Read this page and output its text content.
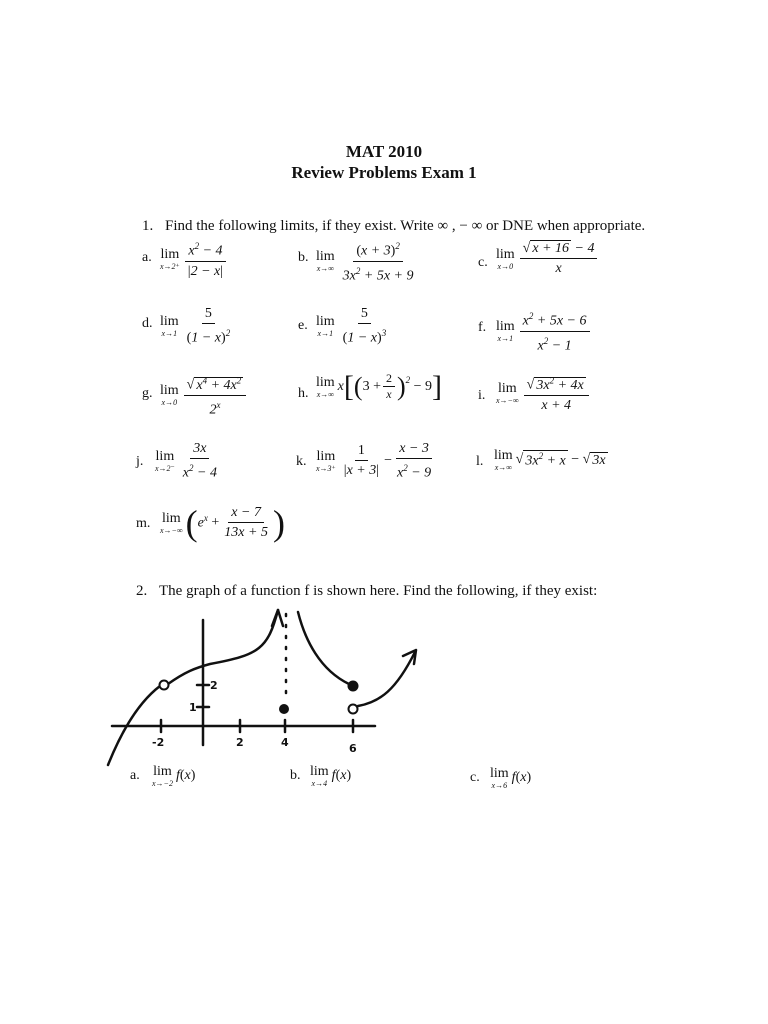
MAT 2010
Review Problems Exam 1
1. Find the following limits, if they exist. Write ∞ , − ∞ or DNE when appropriate.
a. lim
$x\to 2^+ \frac{x^2 - 4}{|2 - x|}$	b. lim
$x\to\infty \frac{(x + 3)^2}{3x^2 + 5x + 9}$	c.
lim
$x\to 0 \frac{√ x + 16 - 4}{x}$
d. lim
$x\to 1 \frac{5}{(1 - x)^2}$	e. lim
$x\to 1 \frac{5}{(1 - x)^3}$	f. lim
$x\to 1 \frac{x^2 + 5x - 6}{x^2 - 1}$
g. lim
$x\to 0 \frac{√ x^4 + 4x^2}{2^x}$	h.
lim
x→∞
x [ ( $3 + \frac{2}{x} )^2 - 9$ ]	i. lim
$x\to-\infty \frac{√ 3x^2 + 4x}{x + 4}$
j. lim
$x\to 2^- \frac{3x}{x^2 - 4}$	k. lim
$x\to 3^+ \frac{1}{|x + 3|} - \frac{x - 3}{x^2 - 9}$	l. lim
x→∞
√ $3x^2 + x$ − √ 3x
m. lim
x→−∞ ( $e^x + \frac{x - 7}{13x + 5}$ )
2. The graph of a function f is shown here. Find the following, if they exist:
-2	2	4	6
2
1
a. lim
x→−2
f ( x )	b. lim
x→4
f ( x )	c. lim
x→6
f ( x )
